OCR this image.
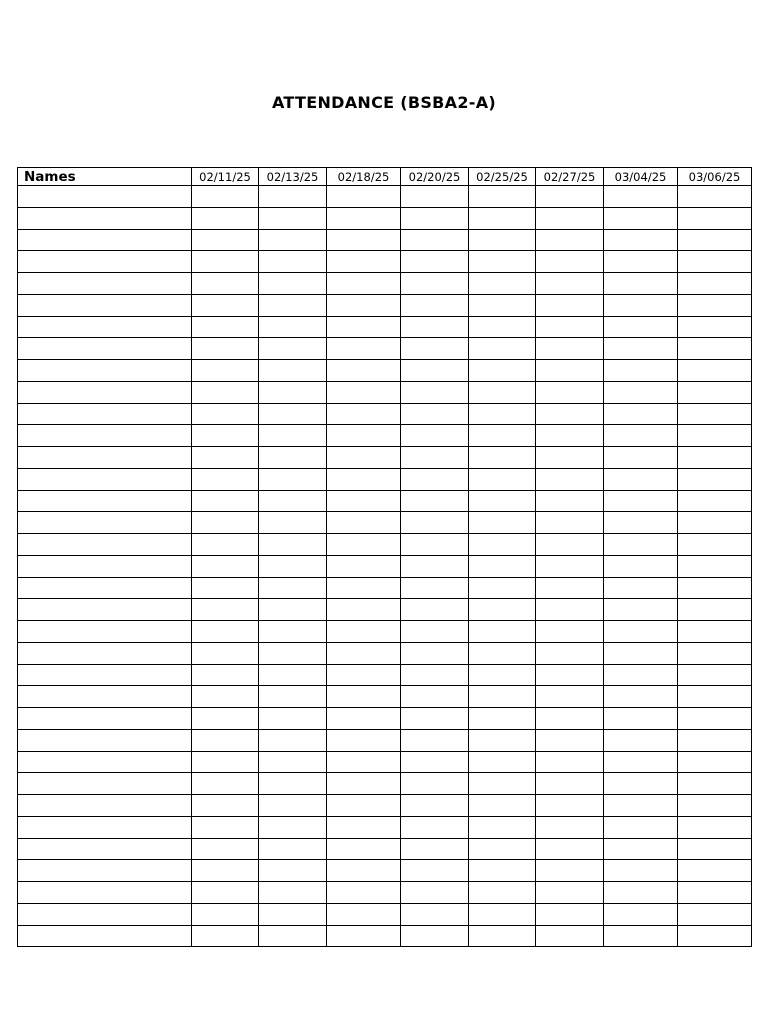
ATTENDANCE (BSBA2-A)
Names	02/11/25	02/13/25	02/18/25	02/20/25	02/25/25	02/27/25	03/04/25	03/06/25
